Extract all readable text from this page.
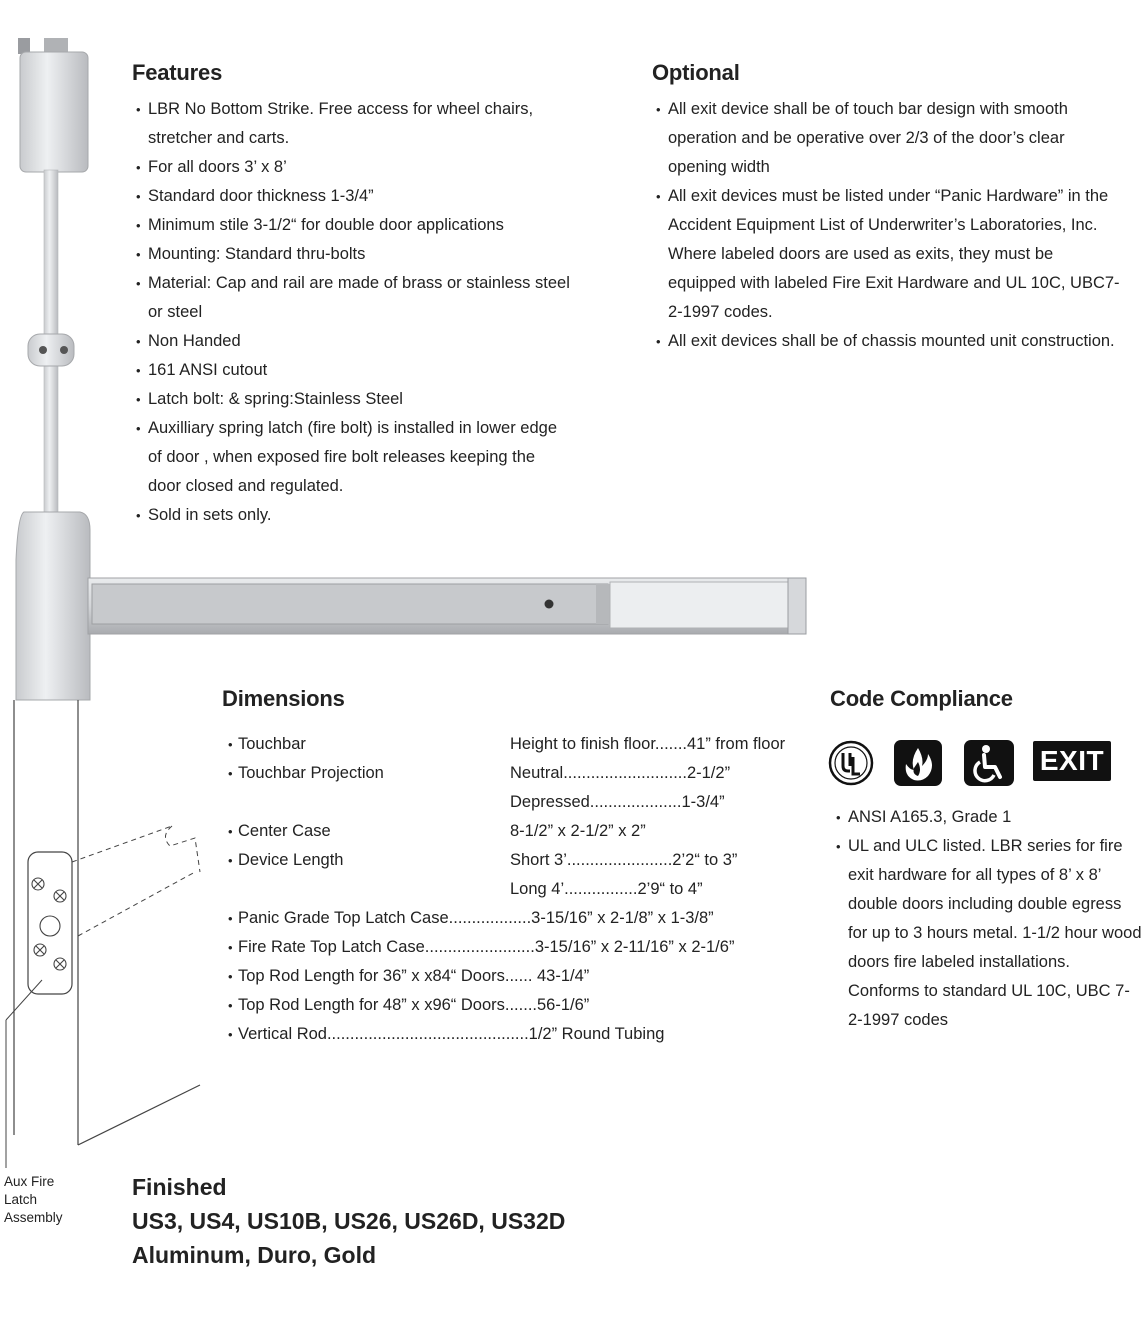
Features
• LBR No Bottom Strike. Free access for wheel chairs, stretcher and carts.
• For all doors 3’ x 8’
• Standard door thickness 1-3/4”
• Minimum stile 3-1/2“ for double door applications
• Mounting: Standard thru-bolts
• Material: Cap and rail are made of brass or stainless steel or steel
• Non Handed
• 161 ANSI cutout
• Latch bolt: & spring:Stainless Steel
• Auxilliary spring latch (fire bolt) is installed in lower edge of door , when exposed fire bolt releases keeping the door closed and regulated.
• Sold in sets only.
Optional
• All exit device shall be of touch bar design with smooth operation and be operative over 2/3 of the door’s clear opening width
• All exit devices must be listed under “Panic Hardware” in the Accident Equipment List of Underwriter’s Laboratories, Inc. Where labeled doors are used as exits, they must be equipped with labeled Fire Exit Hardware and UL 10C, UBC7-2-1997 codes.
• All exit devices shall be of chassis mounted unit construction.
Dimensions
• Touchbar	Height to finish floor.......41” from floor
• Touchbar Projection	Neutral...........................2-1/2”
Depressed....................1-3/4”
• Center Case	8-1/2” x 2-1/2” x 2”
• Device Length	Short 3’.......................2’2“ to 3”
Long 4’................2’9“ to 4”
• Panic Grade Top Latch Case..................3-15/16” x 2-1/8” x 1-3/8”
• Fire Rate Top Latch Case........................3-15/16” x 2-11/16” x 2-1/6”
• Top Rod Length for 36” x x84“ Doors...... 43-1/4”
• Top Rod Length for 48” x x96“ Doors.......56-1/6”
• Vertical Rod............................................1/2” Round Tubing
Code Compliance
EXIT
• ANSI A165.3, Grade 1
• UL and ULC listed. LBR series for fire exit hardware for all types of 8’ x 8’ double doors including double egress for up to 3 hours metal. 1-1/2 hour wood doors fire labeled installations. Conforms to standard UL 10C, UBC 7-2-1997 codes
Aux Fire
Latch
Assembly
Finished
US3, US4, US10B, US26, US26D, US32D
Aluminum, Duro, Gold
